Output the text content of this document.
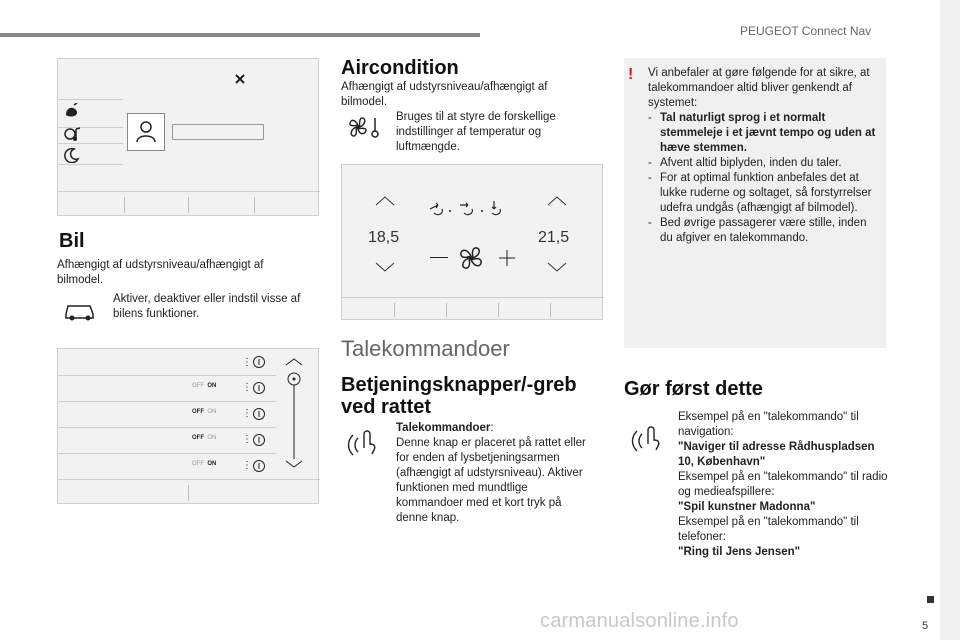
PEUGEOT Connect Nav
5
carmanualsonline.info
Bil
Afhængigt af udstyrsniveau/afhængigt af bilmodel.
Aktiver, deaktiver eller indstil visse af bilens funktioner.
⋮
OFF ON	⋮
OFF ON	⋮
OFF ON	⋮
OFF ON	⋮
Aircondition
Afhængigt af udstyrsniveau/afhængigt af bilmodel.
Bruges til at styre de forskellige indstillinger af temperatur og luftmængde.
18,5	21,5
Talekommandoer
Betjeningsknapper/-greb ved rattet
Talekommandoer:
Denne knap er placeret på rattet eller for enden af lysbetjeningsarmen (afhængigt af udstyrsniveau). Aktiver funktionen med mundtlige kommandoer med et kort tryk på denne knap.
! Vi anbefaler at gøre følgende for at sikre, at talekommandoer altid bliver genkendt af systemet:
- Tal naturligt sprog i et normalt stemmeleje i et jævnt tempo og uden at hæve stemmen.
- Afvent altid biplyden, inden du taler.
- For at optimal funktion anbefales det at lukke ruderne og soltaget, så forstyrrelser udefra undgås (afhængigt af bilmodel).
- Bed øvrige passagerer være stille, inden du afgiver en talekommando.
Gør først dette
Eksempel på en "talekommando" til navigation:
"Naviger til adresse Rådhuspladsen 10, København"
Eksempel på en "talekommando" til radio og medieafspillere:
"Spil kunstner Madonna"
Eksempel på en "talekommando" til telefoner:
"Ring til Jens Jensen"
